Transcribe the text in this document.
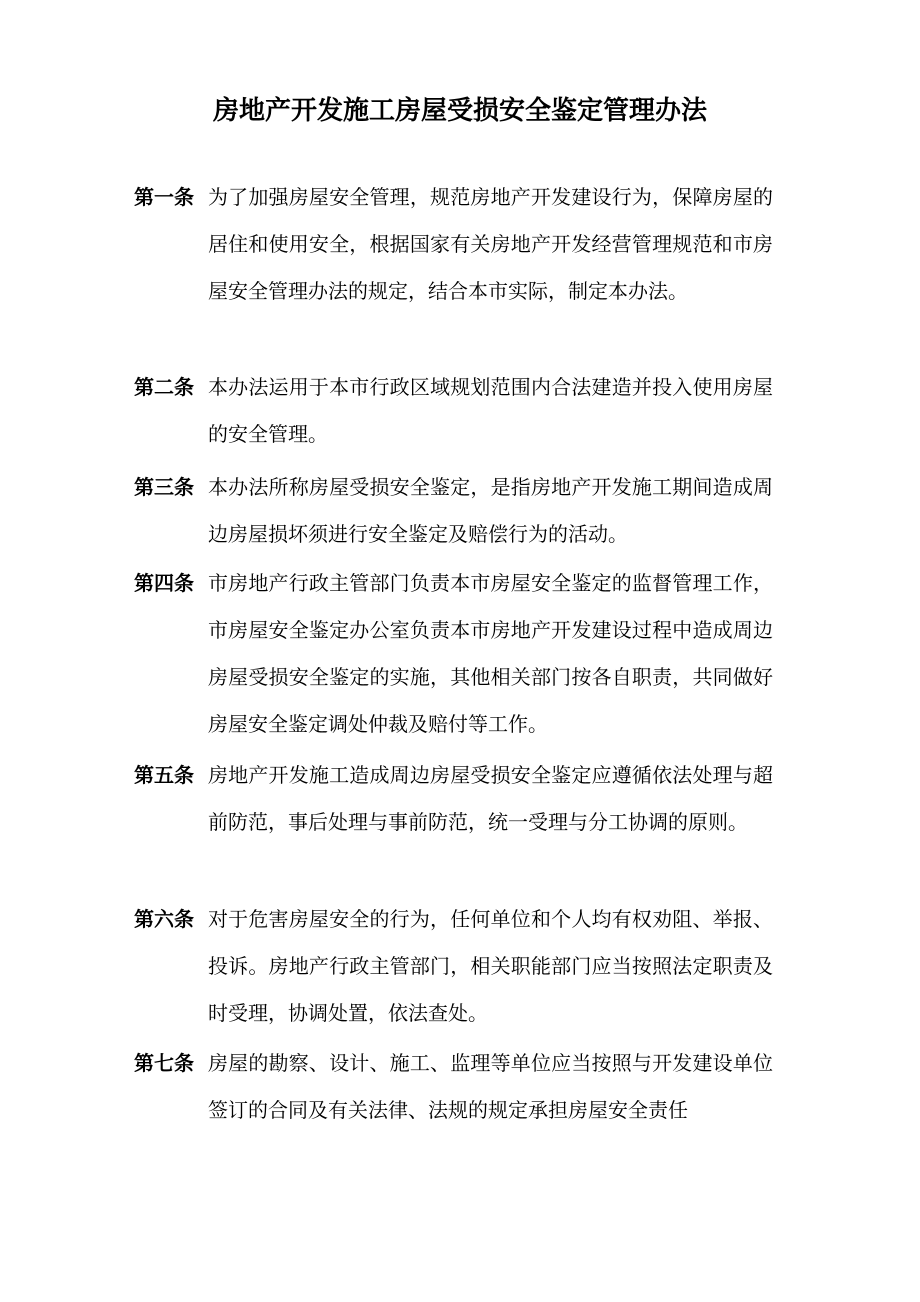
房地产开发施工房屋受损安全鉴定管理办法
第一条 为了加强房屋安全管理，规范房地产开发建设行为，保障房屋的居住和使用安全，根据国家有关房地产开发经营管理规范和市房屋安全管理办法的规定，结合本市实际，制定本办法。

第二条 本办法运用于本市行政区域规划范围内合法建造并投入使用房屋的安全管理。

第三条 本办法所称房屋受损安全鉴定，是指房地产开发施工期间造成周边房屋损坏须进行安全鉴定及赔偿行为的活动。

第四条 市房地产行政主管部门负责本市房屋安全鉴定的监督管理工作，市房屋安全鉴定办公室负责本市房地产开发建设过程中造成周边房屋受损安全鉴定的实施，其他相关部门按各自职责，共同做好房屋安全鉴定调处仲裁及赔付等工作。

第五条 房地产开发施工造成周边房屋受损安全鉴定应遵循依法处理与超前防范，事后处理与事前防范，统一受理与分工协调的原则。

第六条 对于危害房屋安全的行为，任何单位和个人均有权劝阻、举报、投诉。房地产行政主管部门，相关职能部门应当按照法定职责及时受理，协调处置，依法查处。

第七条 房屋的勘察、设计、施工、监理等单位应当按照与开发建设单位签订的合同及有关法律、法规的规定承担房屋安全责任
